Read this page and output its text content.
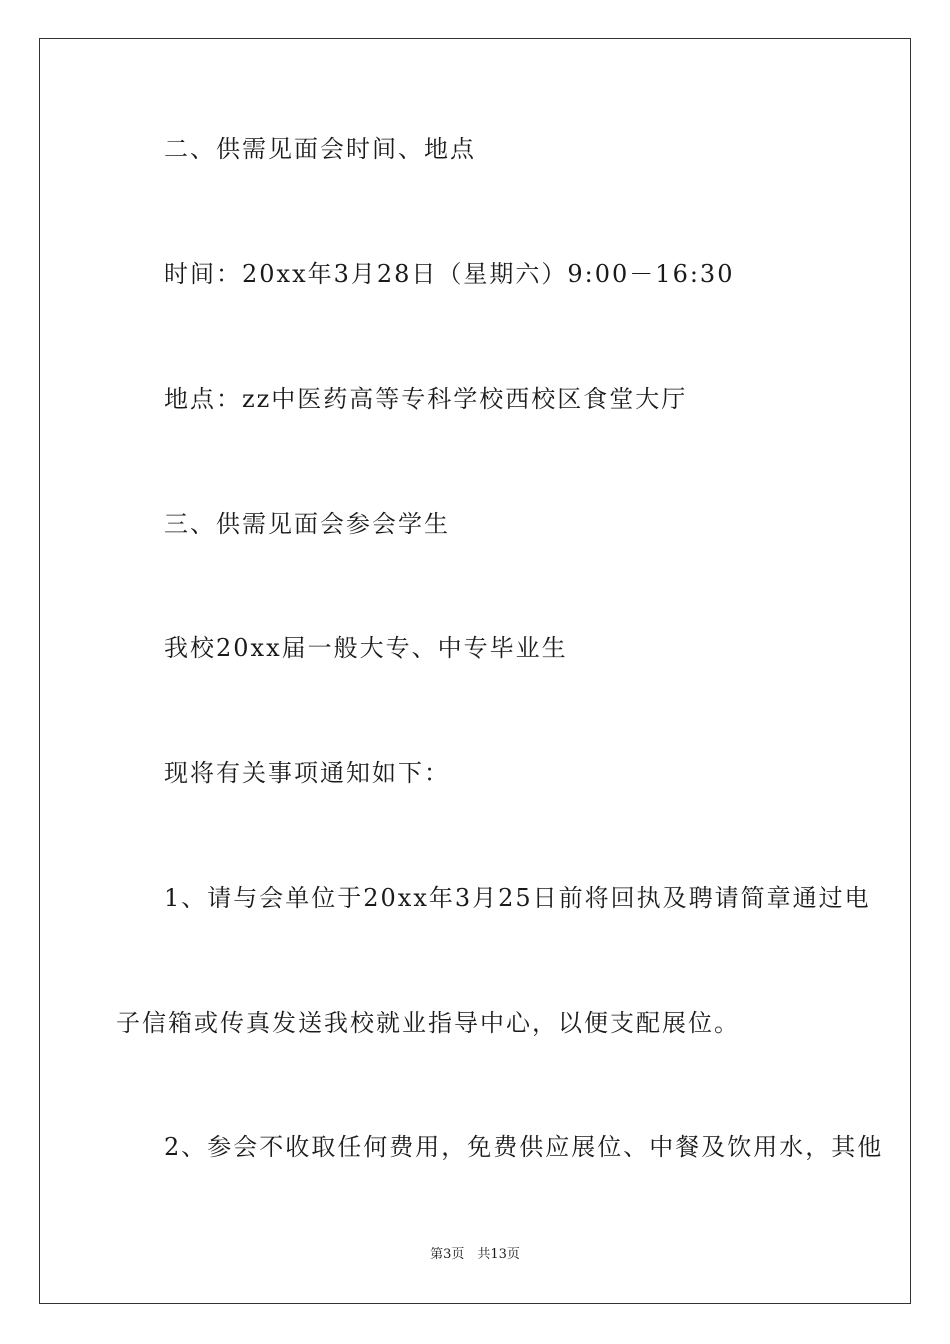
二、供需见面会时间、地点
时间：20xx年3月28日（星期六）9:00－16:30
地点：zz中医药高等专科学校西校区食堂大厅
三、供需见面会参会学生
我校20xx届一般大专、中专毕业生
现将有关事项通知如下：
1、请与会单位于20xx年3月25日前将回执及聘请简章通过电
子信箱或传真发送我校就业指导中心，以便支配展位。
2、参会不收取任何费用，免费供应展位、中餐及饮用水，其他
第3页　共13页
